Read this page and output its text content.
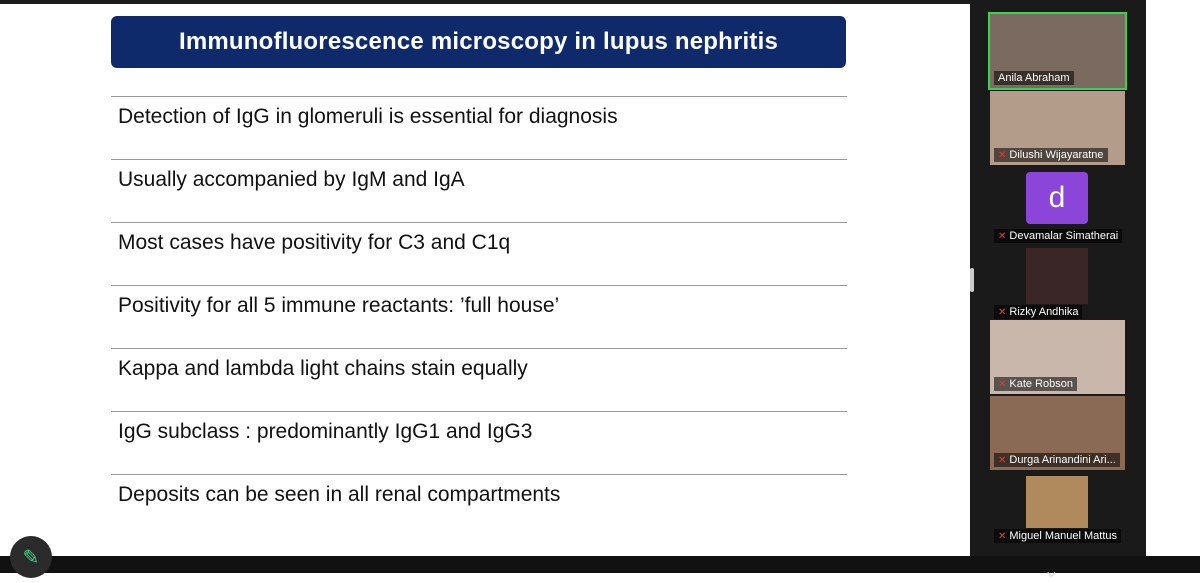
Immunofluorescence microscopy in lupus nephritis
Detection of IgG in glomeruli is essential for diagnosis
Usually accompanied by IgM and IgA
Most cases have positivity for C3 and C1q
Positivity for all 5 immune reactants: ’full house’
Kappa and lambda light chains stain equally
IgG subclass : predominantly IgG1 and IgG3
Deposits can be seen in all renal compartments
Anila Abraham
✕ Dilushi Wijayaratne
d
✕ Devamalar Simatherai
✕ Rizky Andhika
✕ Kate Robson
✕ Durga Arinandini Ari...
✕ Miguel Manuel Mattus
⌄
✎
